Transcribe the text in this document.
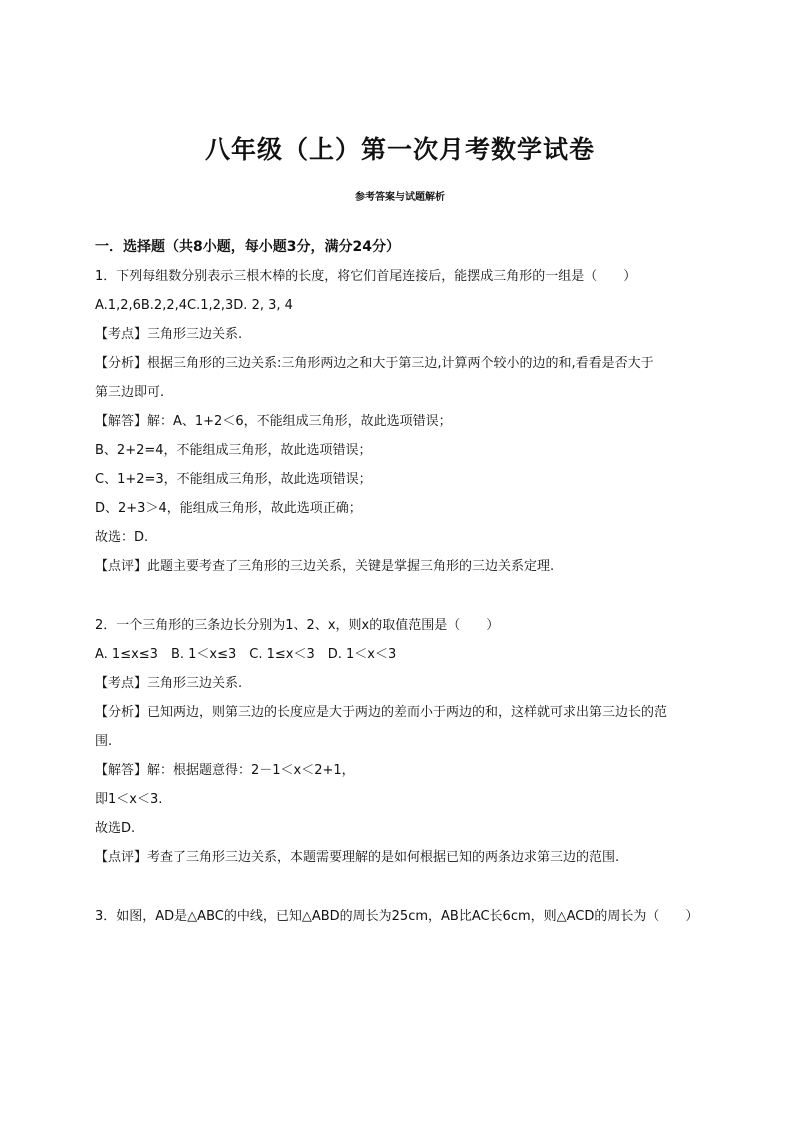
八年级（上）第一次月考数学试卷
参考答案与试题解析
一．选择题（共8小题，每小题3分，满分24分）
1．下列每组数分别表示三根木棒的长度，将它们首尾连接后，能摆成三角形的一组是（　　）
A.1,2,6B.2,2,4C.1,2,3D. 2, 3, 4
【考点】三角形三边关系.
【分析】根据三角形的三边关系:三角形两边之和大于第三边,计算两个较小的边的和,看看是否大于
第三边即可.
【解答】解：A、1+2＜6，不能组成三角形，故此选项错误；
B、2+2=4，不能组成三角形，故此选项错误；
C、1+2=3，不能组成三角形，故此选项错误；
D、2+3＞4，能组成三角形，故此选项正确；
故选：D.
【点评】此题主要考查了三角形的三边关系，关键是掌握三角形的三边关系定理.
2．一个三角形的三条边长分别为1、2、x，则x的取值范围是（　　）
A. 1≤x≤3　B. 1＜x≤3　C. 1≤x＜3　D. 1＜x＜3
【考点】三角形三边关系.
【分析】已知两边，则第三边的长度应是大于两边的差而小于两边的和，这样就可求出第三边长的范
围.
【解答】解：根据题意得：2－1＜x＜2+1，
即1＜x＜3.
故选D.
【点评】考查了三角形三边关系，本题需要理解的是如何根据已知的两条边求第三边的范围.
3．如图，AD是△ABC的中线，已知△ABD的周长为25cm，AB比AC长6cm，则△ACD的周长为（　　）
